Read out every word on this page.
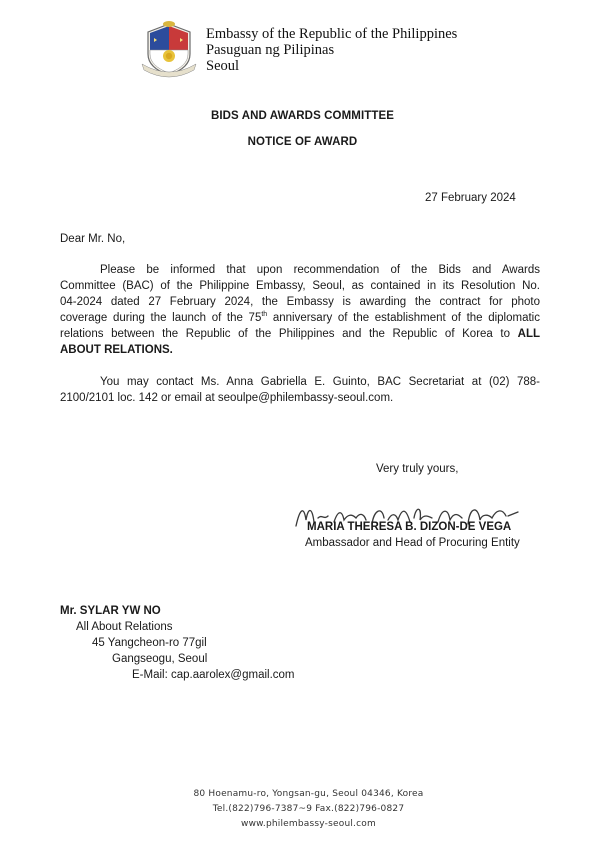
Embassy of the Republic of the Philippines
Pasuguan ng Pilipinas
Seoul
BIDS AND AWARDS COMMITTEE
NOTICE OF AWARD
27 February 2024
Dear Mr. No,
Please be informed that upon recommendation of the Bids and Awards
Committee (BAC) of the Philippine Embassy, Seoul, as contained in its Resolution No.
04-2024 dated 27 February 2024, the Embassy is awarding the contract for photo
coverage during the launch of the 75th anniversary of the establishment of the diplomatic
relations between the Republic of the Philippines and the Republic of Korea to ALL
ABOUT RELATIONS.
You may contact Ms. Anna Gabriella E. Guinto, BAC Secretariat at (02) 788-
2100/2101 loc. 142 or email at seoulpe@philembassy-seoul.com.
Very truly yours,
MARIA THERESA B. DIZON-DE VEGA
Ambassador and Head of Procuring Entity
Mr. SYLAR YW NO
All About Relations
45 Yangcheon-ro 77gil
Gangseogu, Seoul
E-Mail: cap.aarolex@gmail.com
80 Hoenamu-ro, Yongsan-gu, Seoul 04346, Korea
Tel.(822)796-7387~9 Fax.(822)796-0827
www.philembassy-seoul.com
